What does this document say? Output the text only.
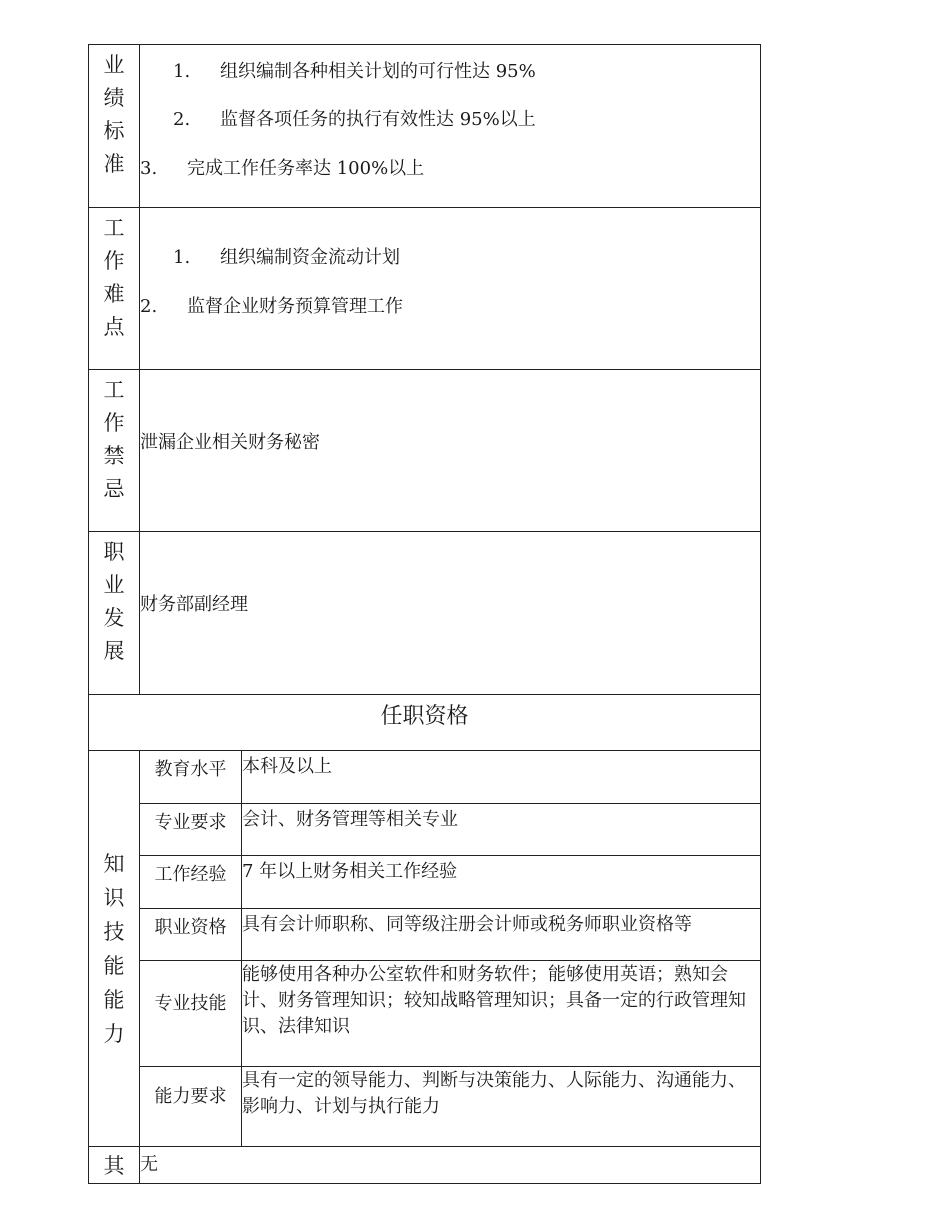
业
绩
标
准
1. 组织编制各种相关计划的可行性达 95%
2. 监督各项任务的执行有效性达 95%以上
3. 完成工作任务率达 100%以上
工
作
难
点
1. 组织编制资金流动计划
2. 监督企业财务预算管理工作
工
作
禁
忌
泄漏企业相关财务秘密
职
业
发
展
财务部副经理
任职资格
知
识
技
能
能
力
教育水平 本科及以上
专业要求 会计、财务管理等相关专业
工作经验 7 年以上财务相关工作经验
职业资格 具有会计师职称、同等级注册会计师或税务师职业资格等
专业技能
能够使用各种办公室软件和财务软件；能够使用英语；熟知会计、财务管理知识；较知战略管理知识；具备一定的行政管理知识、法律知识
能力要求
具有一定的领导能力、判断与决策能力、人际能力、沟通能力、影响力、计划与执行能力
其 无
